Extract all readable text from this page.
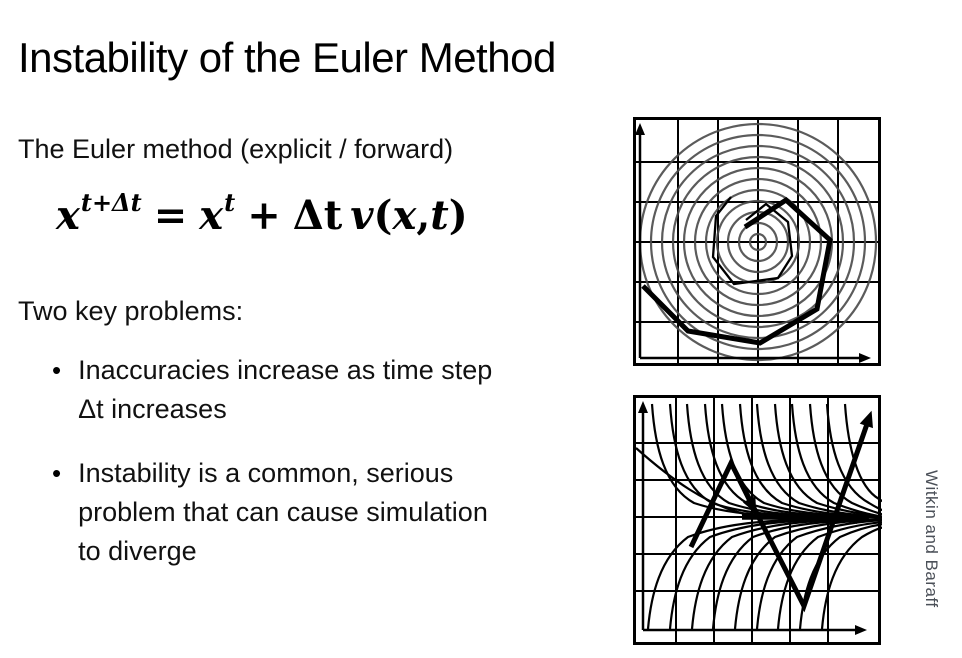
Instability of the Euler Method
The Euler method (explicit / forward)
$x^{t+\Delta t} = x^t + \Delta t$ v(x,t)
Two key problems:
• Inaccuracies increase as time step
Δt increases
• Instability is a common, serious
problem that can cause simulation
to diverge	Witkin and Baraff
